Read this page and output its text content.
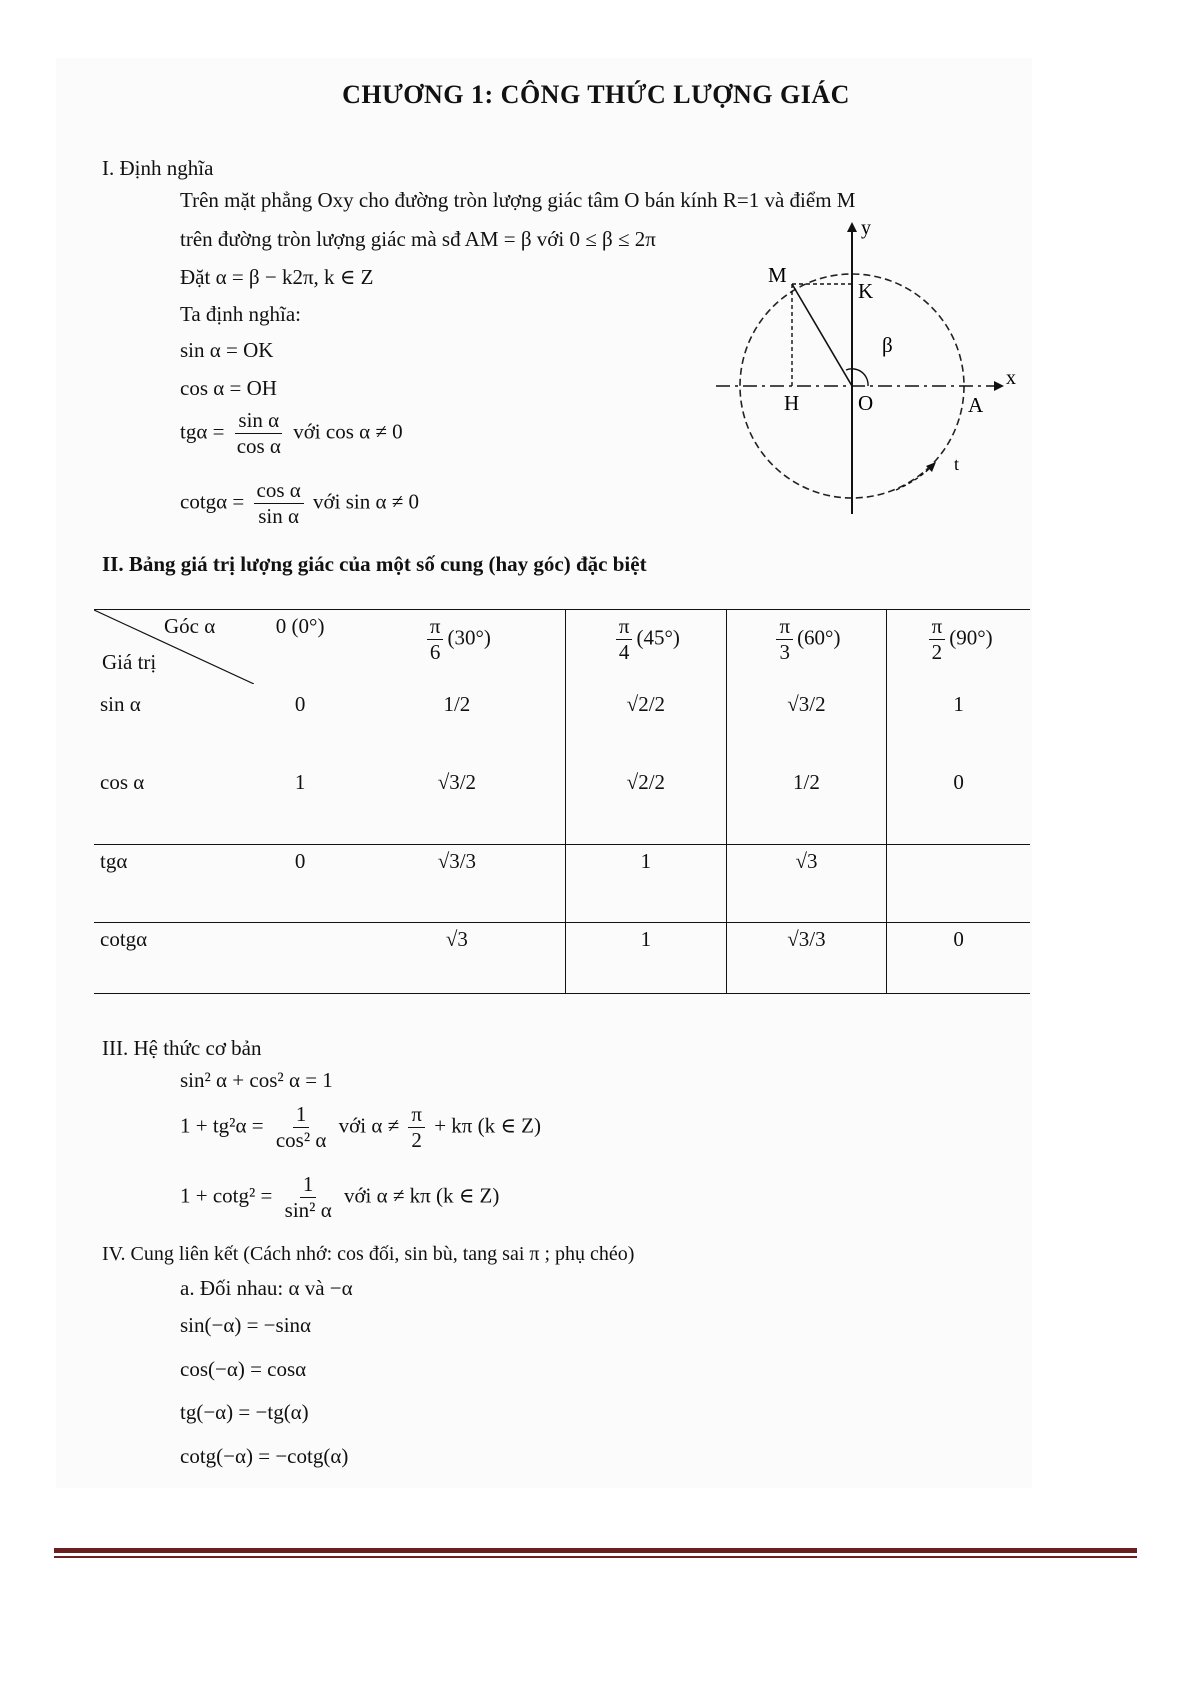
CHƯƠNG 1: CÔNG THỨC LƯỢNG GIÁC
I. Định nghĩa
Trên mặt phẳng Oxy cho đường tròn lượng giác tâm O bán kính R=1 và điểm M
trên đường tròn lượng giác mà sđ AM = β với 0 ≤ β ≤ 2π
Đặt α = β − k2π, k ∈ Z
Ta định nghĩa:
sin α = OK
cos α = OH
$tg\alpha = \frac{\text{sin α}}{\text{cos α}}$ với cos α ≠ 0
$\cot g\alpha = \frac{\text{cos α}}{\text{sin α}}$ với sin α ≠ 0
y
x
t
M
K
H	O	A
β
II. Bảng giá trị lượng giác của một số cung (hay góc) đặc biệt
Góc α
Giá trị	0 (0°)	$\frac{\pi}{6} (30^\circ)$	$\frac{\pi}{4} (45^\circ)$	$\frac{\pi}{3} (60^\circ)$	$\frac{\pi}{2} (90^\circ)$
sin α	0	1/2	√2/2	√3/2	1
cos α	1	√3/2	√2/2	1/2	0
tgα	0	√3/3	1	√3	
cotgα		√3	1	√3/3	0
III. Hệ thức cơ bản
sin² α + cos² α = 1
$1 + tg^2\alpha = \frac{1}{\text{cos² α}}$ với $\alpha \ne \frac{\pi}{2} + k\pi$ (k ∈ Z)
$1 + \cot g^2 = \frac{1}{\text{sin² α}}$ với α ≠ kπ (k ∈ Z)
IV. Cung liên kết (Cách nhớ: cos đối, sin bù, tang sai π ; phụ chéo)
a. Đối nhau: α và −α
sin(−α) = −sinα
cos(−α) = cosα
tg(−α) = −tg(α)
cotg(−α) = −cotg(α)
